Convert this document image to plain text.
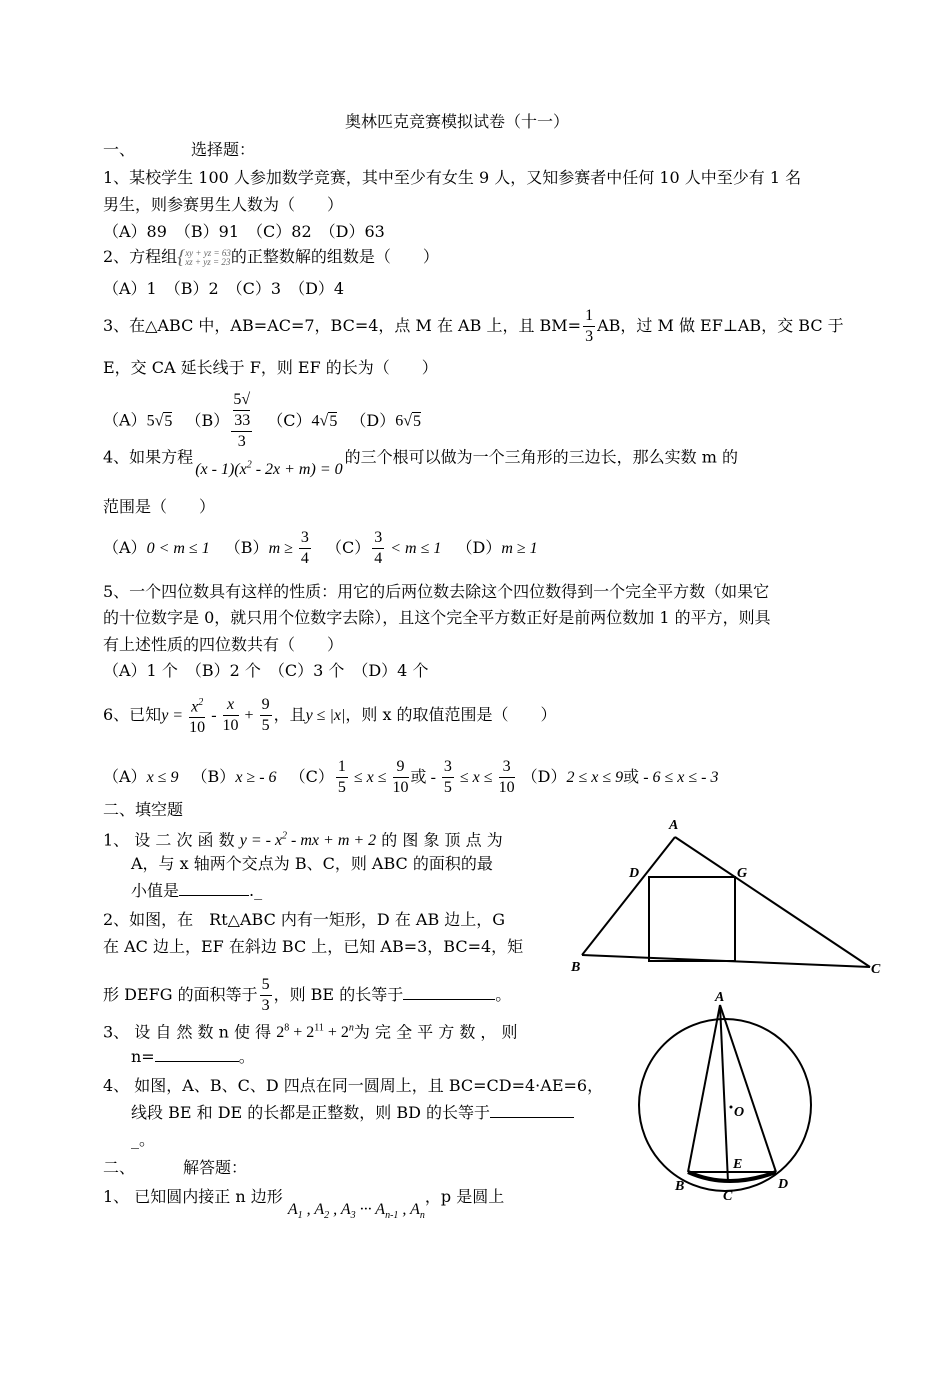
奥林匹克竞赛模拟试卷（十一）
一、	选择题：
1、某校学生 100 人参加数学竞赛，其中至少有女生 9 人，又知参赛者中任何 10 人中至少有 1 名
男生，则参赛男生人数为（　　）
（A）89　（B）91　（C）82　（D）63
2、方程组{ xy + yz = 63
xz + yz = 23 的正整数解的组数是（　　）
（A）1　（B）2　（C）3　（D）4
3、在△ABC 中，AB=AC=7，BC=4，点 M 在 AB 上，且 $BM= \frac{1}{3}$ AB，过 M 做 EF⊥AB，交 BC 于
E，交 CA 延长线于 F，则 EF 的长为（　　）
（A）5√5 （B） 5√
33
3 （C）4√5 （D）6√5
4、如果方程$(x - 1)(x^2 - 2x + m) = 0$的三个根可以做为一个三角形的三边长，那么实数 m 的
范围是（　　）
（A）0 < m ≤ 1 $(B)m \ge \frac{3}{4} (C) \frac{3}{4} < m \le 1$ （D）m ≥ 1
5、一个四位数具有这样的性质：用它的后两位数去除这个四位数得到一个完全平方数（如果它
的十位数字是 0，就只用个位数字去除），且这个完全平方数正好是前两位数加 1 的平方，则具
有上述性质的四位数共有（　　）
（A）1 个　（B）2 个　（C）3 个　（D）4 个
6、已知$y = \frac{x^2}{10} - \frac{x}{10} + \frac{9}{5}$ ，且y ≤ |x|，则 x 的取值范围是（　　）
（A）x ≤ 9 （B）x ≥ - 6 $(C) \frac{1}{5} \le x \le \frac{9}{10}$ 或 - $\frac{3}{5} \le x \le \frac{3}{10} (D)2 \le x \le 9$或 - 6 ≤ x ≤ - 3
二、填空题
1、 设 二 次 函 数 y = - $x^2$ - mx + m + 2 的 图 象 顶 点 为
A，与 x 轴两个交点为 B、C，则 ABC 的面积的最
小值是	._
2、如图，在　Rt△ABC 内有一矩形，D 在 AB 边上，G
在 AC 边上，EF 在斜边 BC 上，已知 AB=3，BC=4，矩
形 DEFG 的面积等于 $\frac{5}{3}$ ，则 BE 的长等于	。
3、 设 自 然 数 n 使 得 $2^8 + 2^{11} + 2^n$为 完 全 平 方 数 ， 则
n=	。
4、 如图，A、B、C、D 四点在同一圆周上，且 BC=CD=4·AE=6，
线段 BE 和 DE 的长都是正整数，则 BD 的长等于
_。
二、	解答题：
1、 已知圆内接正 n 边形 $A_1$ , $A_2$ , $A_3$ ··· $A_{n-1}$ , $A_n$，p 是圆上
A
D	G
B	C
A
O
E
B
C
D
